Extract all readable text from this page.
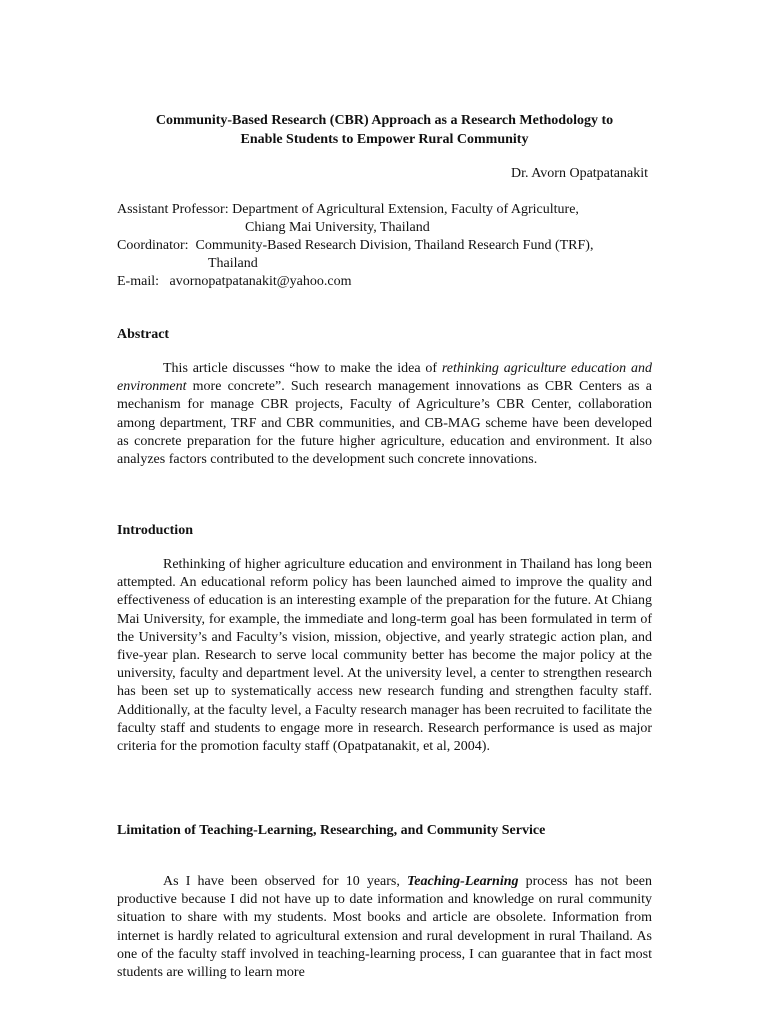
Community-Based Research (CBR) Approach as a Research Methodology to
Enable Students to Empower Rural Community
Dr. Avorn Opatpatanakit
Assistant Professor:
Department of Agricultural Extension, Faculty of Agriculture,
Chiang Mai University, Thailand
Coordinator:
Community-Based Research Division, Thailand Research Fund (TRF),
Thailand
E-mail: avornopatpatanakit@yahoo.com
Abstract

This article discusses “how to make the idea of rethinking agriculture education and environment more concrete”. Such research management innovations as CBR Centers as a mechanism for manage CBR projects, Faculty of Agriculture’s CBR Center, collaboration among department, TRF and CBR communities, and CB-MAG scheme have been developed as concrete preparation for the future higher agriculture, education and environment. It also analyzes factors contributed to the development such concrete innovations.

Introduction

Rethinking of higher agriculture education and environment in Thailand has long been attempted. An educational reform policy has been launched aimed to improve the quality and effectiveness of education is an interesting example of the preparation for the future. At Chiang Mai University, for example, the immediate and long-term goal has been formulated in term of the University’s and Faculty’s vision, mission, objective, and yearly strategic action plan, and five-year plan. Research to serve local community better has become the major policy at the university, faculty and department level. At the university level, a center to strengthen research has been set up to systematically access new research funding and strengthen faculty staff. Additionally, at the faculty level, a Faculty research manager has been recruited to facilitate the faculty staff and students to engage more in research. Research performance is used as major criteria for the promotion faculty staff (Opatpatanakit, et al, 2004).

Limitation of Teaching-Learning, Researching, and Community Service

As I have been observed for 10 years, Teaching-Learning process has not been productive because I did not have up to date information and knowledge on rural community situation to share with my students. Most books and article are obsolete. Information from internet is hardly related to agricultural extension and rural development in rural Thailand. As one of the faculty staff involved in teaching-learning process, I can guarantee that in fact most students are willing to learn more
